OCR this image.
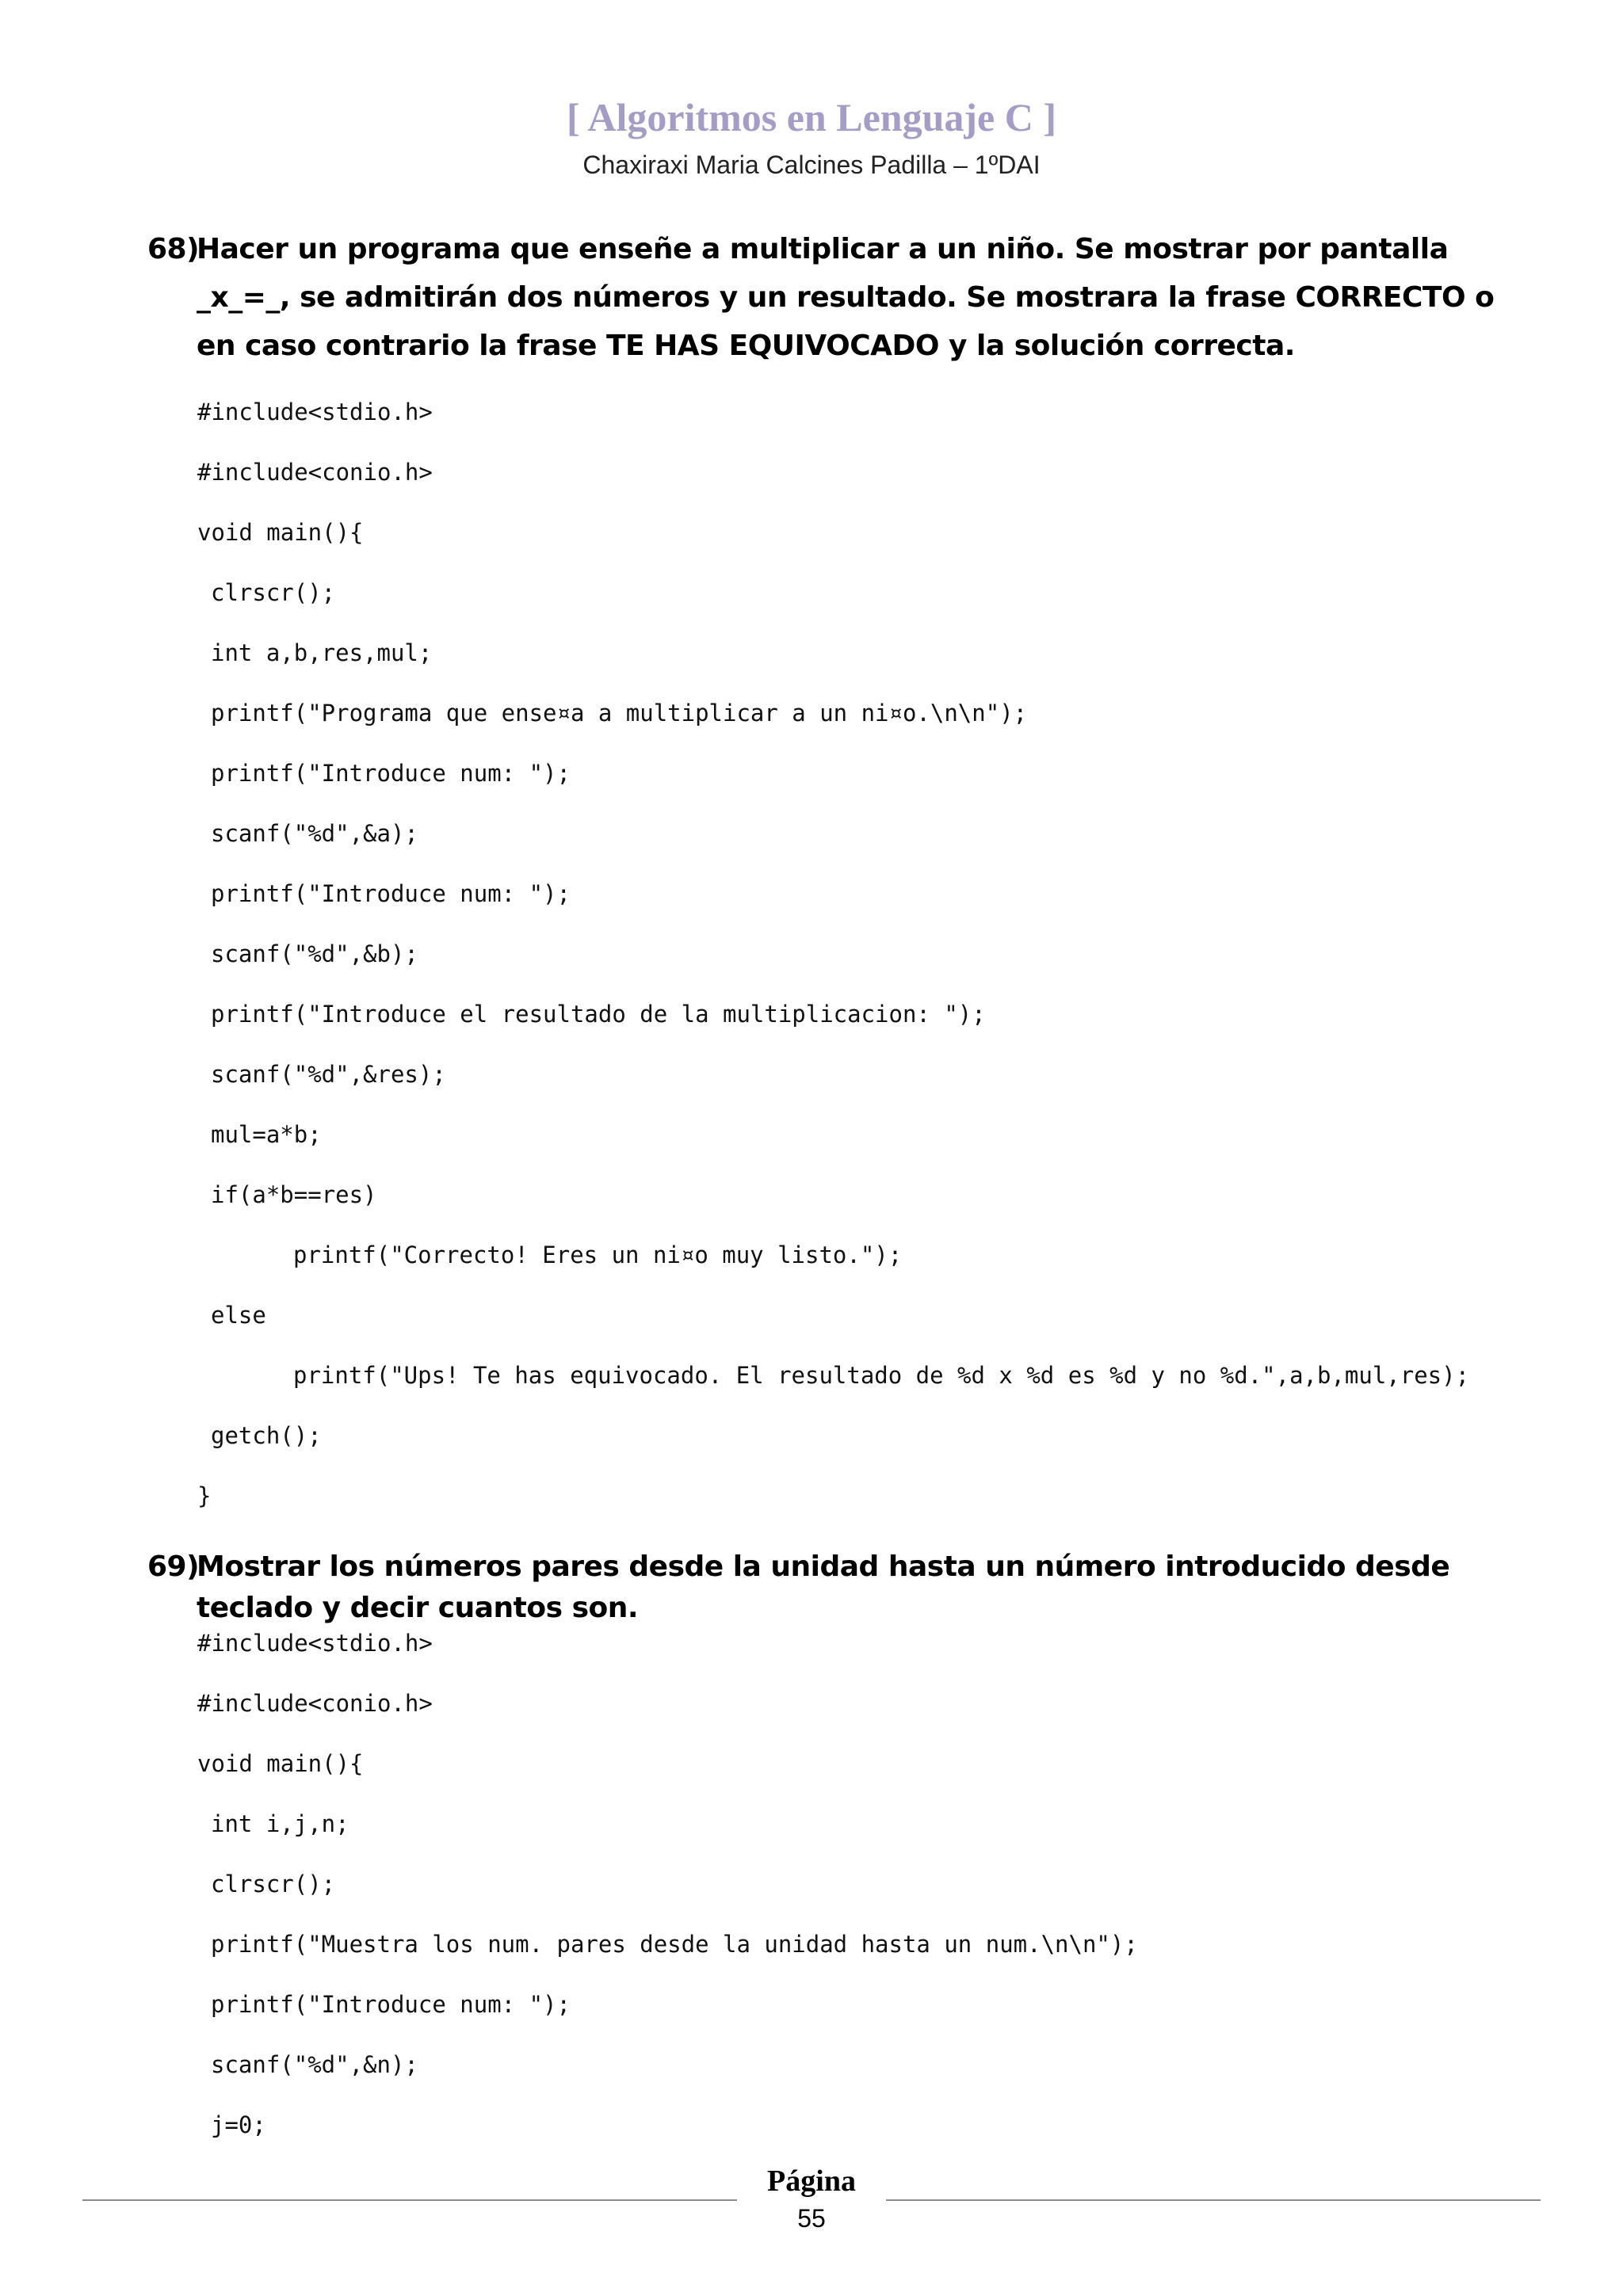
[ Algoritmos en Lenguaje C ]
Chaxiraxi Maria Calcines Padilla – 1ºDAI
68)
Hacer un programa que enseñe a multiplicar a un niño. Se mostrar por pantalla _x_=_, se admitirán dos números y un resultado. Se mostrara la frase CORRECTO o en caso contrario la frase TE HAS EQUIVOCADO y la solución correcta.
#include<stdio.h>
#include<conio.h>
void main(){
clrscr();
int a,b,res,mul;
printf("Programa que ense¤a a multiplicar a un ni¤o.\n\n");
printf("Introduce num: ");
scanf("%d",&a);
printf("Introduce num: ");
scanf("%d",&b);
printf("Introduce el resultado de la multiplicacion: ");
scanf("%d",&res);
mul=a*b;
if(a*b==res)
printf("Correcto! Eres un ni¤o muy listo.");
else
printf("Ups! Te has equivocado. El resultado de %d x %d es %d y no %d.",a,b,mul,res);
getch();
}
69)
Mostrar los números pares desde la unidad hasta un número introducido desde teclado y decir cuantos son.
#include<stdio.h>
#include<conio.h>
void main(){
int i,j,n;
clrscr();
printf("Muestra los num. pares desde la unidad hasta un num.\n\n");
printf("Introduce num: ");
scanf("%d",&n);
j=0;
Página
55
